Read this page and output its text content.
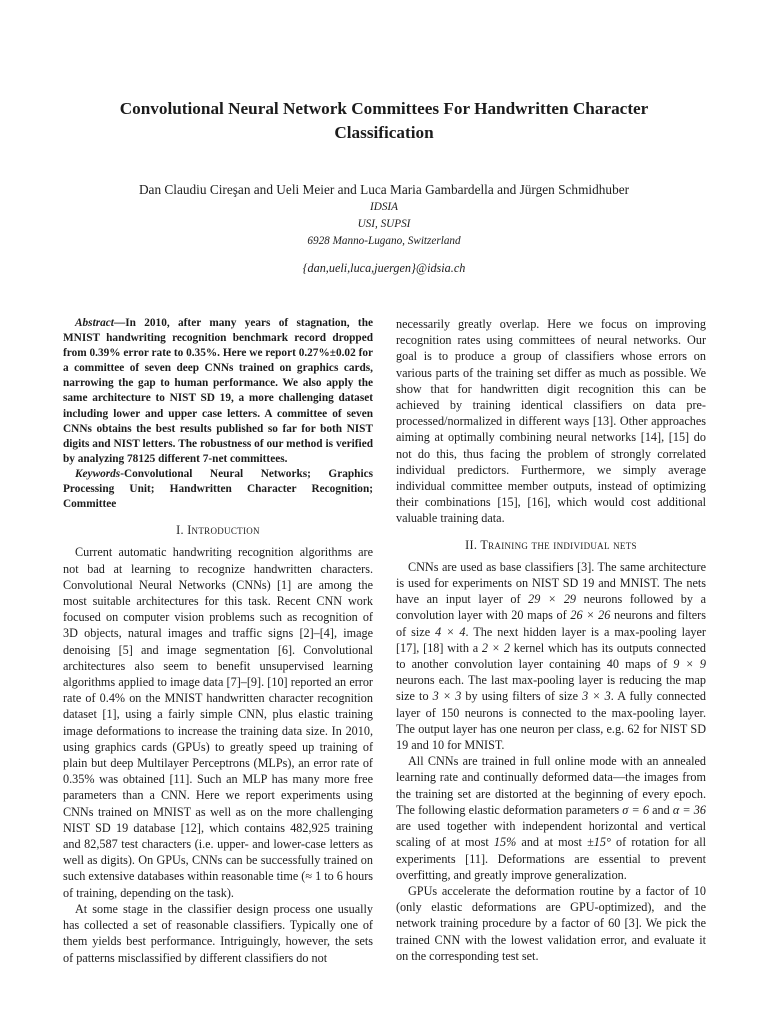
Convolutional Neural Network Committees For Handwritten Character
Classification
Dan Claudiu Cireşan and Ueli Meier and Luca Maria Gambardella and Jürgen Schmidhuber
IDSIA
USI, SUPSI
6928 Manno-Lugano, Switzerland
{dan,ueli,luca,juergen}@idsia.ch

Abstract—In 2010, after many years of stagnation, the MNIST handwriting recognition benchmark record dropped from 0.39% error rate to 0.35%. Here we report 0.27%±0.02 for a committee of seven deep CNNs trained on graphics cards, narrowing the gap to human performance. We also apply the same architecture to NIST SD 19, a more challenging dataset including lower and upper case letters. A committee of seven CNNs obtains the best results published so far for both NIST digits and NIST letters. The robustness of our method is verified by analyzing 78125 different 7-net committees.

Keywords-Convolutional Neural Networks; Graphics Processing Unit; Handwritten Character Recognition; Committee

I. Introduction

Current automatic handwriting recognition algorithms are not bad at learning to recognize handwritten characters. Convolutional Neural Networks (CNNs) [1] are among the most suitable architectures for this task. Recent CNN work focused on computer vision problems such as recognition of 3D objects, natural images and traffic signs [2]–[4], image denoising [5] and image segmentation [6]. Convolutional architectures also seem to benefit unsupervised learning algorithms applied to image data [7]–[9]. [10] reported an error rate of 0.4% on the MNIST handwritten character recognition dataset [1], using a fairly simple CNN, plus elastic training image deformations to increase the training data size. In 2010, using graphics cards (GPUs) to greatly speed up training of plain but deep Multilayer Perceptrons (MLPs), an error rate of 0.35% was obtained [11]. Such an MLP has many more free parameters than a CNN. Here we report experiments using CNNs trained on MNIST as well as on the more challenging NIST SD 19 database [12], which contains 482,925 training and 82,587 test characters (i.e. upper- and lower-case letters as well as digits). On GPUs, CNNs can be successfully trained on such extensive databases within reasonable time (≈ 1 to 6 hours of training, depending on the task).

At some stage in the classifier design process one usually has collected a set of reasonable classifiers. Typically one of them yields best performance. Intriguingly, however, the sets of patterns misclassified by different classifiers do not

necessarily greatly overlap. Here we focus on improving recognition rates using committees of neural networks. Our goal is to produce a group of classifiers whose errors on various parts of the training set differ as much as possible. We show that for handwritten digit recognition this can be achieved by training identical classifiers on data pre-processed/normalized in different ways [13]. Other approaches aiming at optimally combining neural networks [14], [15] do not do this, thus facing the problem of strongly correlated individual predictors. Furthermore, we simply average individual committee member outputs, instead of optimizing their combinations [15], [16], which would cost additional valuable training data.

II. Training the individual nets

CNNs are used as base classifiers [3]. The same architecture is used for experiments on NIST SD 19 and MNIST. The nets have an input layer of 29 × 29 neurons followed by a convolution layer with 20 maps of 26 × 26 neurons and filters of size 4 × 4. The next hidden layer is a max-pooling layer [17], [18] with a 2 × 2 kernel which has its outputs connected to another convolution layer containing 40 maps of 9 × 9 neurons each. The last max-pooling layer is reducing the map size to 3 × 3 by using filters of size 3 × 3. A fully connected layer of 150 neurons is connected to the max-pooling layer. The output layer has one neuron per class, e.g. 62 for NIST SD 19 and 10 for MNIST.

All CNNs are trained in full online mode with an annealed learning rate and continually deformed data—the images from the training set are distorted at the beginning of every epoch. The following elastic deformation parameters σ = 6 and α = 36 are used together with independent horizontal and vertical scaling of at most 15% and at most ±15° of rotation for all experiments [11]. Deformations are essential to prevent overfitting, and greatly improve generalization.

GPUs accelerate the deformation routine by a factor of 10 (only elastic deformations are GPU-optimized), and the network training procedure by a factor of 60 [3]. We pick the trained CNN with the lowest validation error, and evaluate it on the corresponding test set.
